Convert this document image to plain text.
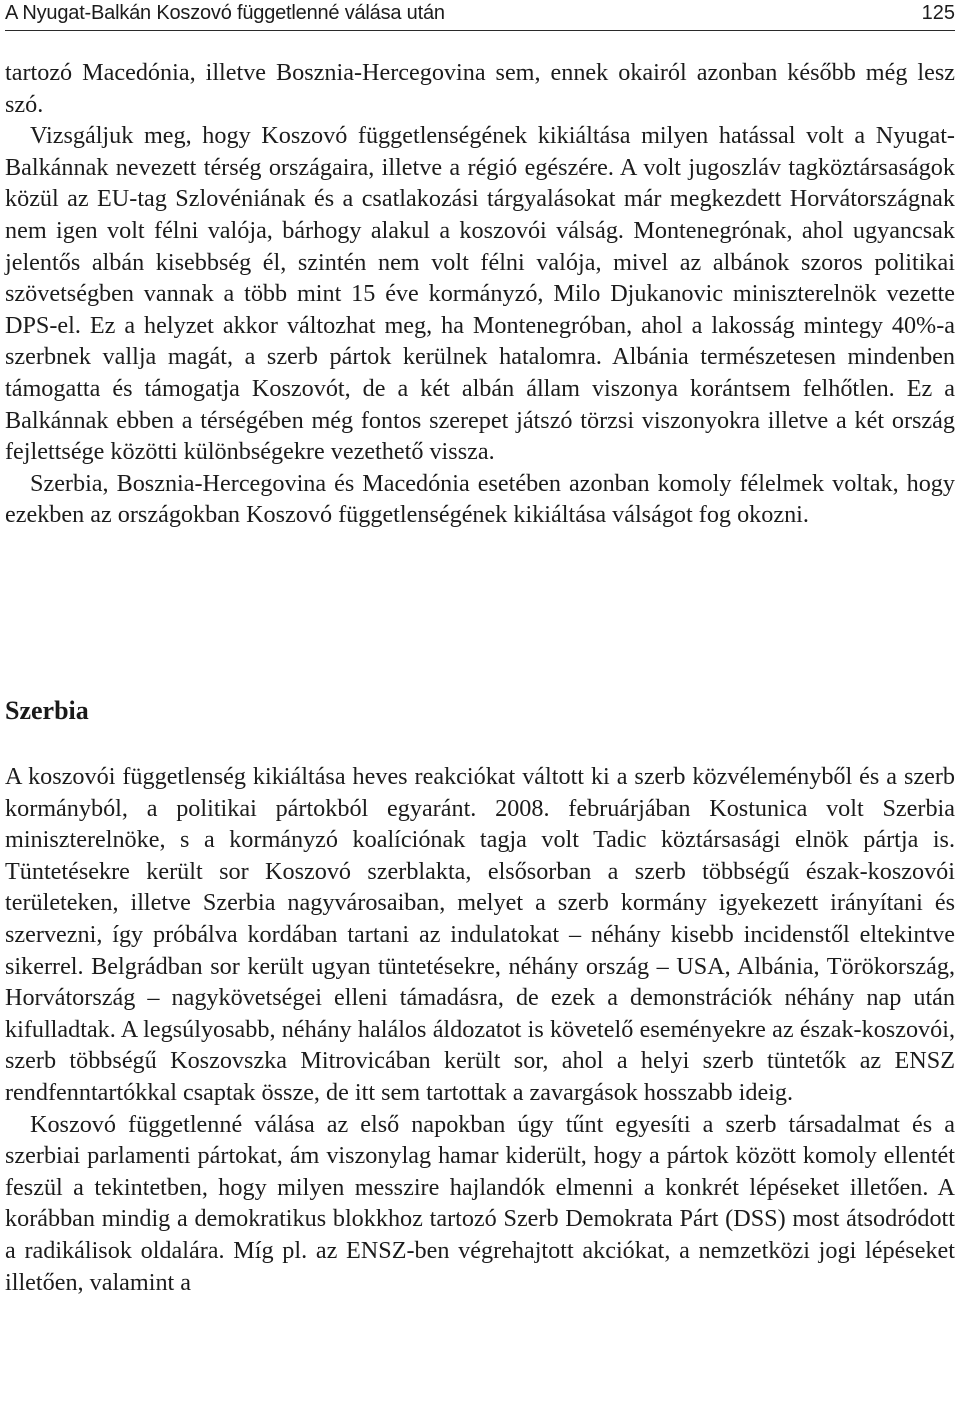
A Nyugat-Balkán Koszovó függetlenné válása után	125

tartozó Macedónia, illetve Bosznia-Hercegovina sem, ennek okairól azonban később még lesz szó.

Vizsgáljuk meg, hogy Koszovó függetlenségének kikiáltása milyen hatással volt a Nyugat-Balkánnak nevezett térség országaira, illetve a régió egészére. A volt jugoszláv tagköztársaságok közül az EU-tag Szlovéniának és a csatlakozási tárgyalásokat már megkezdett Horvátországnak nem igen volt félni valója, bárhogy alakul a koszovói válság. Montenegrónak, ahol ugyancsak jelentős albán kisebbség él, szintén nem volt félni valója, mivel az albánok szoros politikai szövetségben vannak a több mint 15 éve kormányzó, Milo Djukanovic miniszterelnök vezette DPS-el. Ez a helyzet akkor változhat meg, ha Montenegróban, ahol a lakosság mintegy 40%-a szerbnek vallja magát, a szerb pártok kerülnek hatalomra. Albánia természetesen mindenben támogatta és támogatja Koszovót, de a két albán állam viszonya korántsem felhőtlen. Ez a Balkánnak ebben a térségében még fontos szerepet játszó törzsi viszonyokra illetve a két ország fejlettsége közötti különbségekre vezethető vissza.

Szerbia, Bosznia-Hercegovina és Macedónia esetében azonban komoly félelmek voltak, hogy ezekben az országokban Koszovó függetlenségének kikiáltása válságot fog okozni.

Szerbia

A koszovói függetlenség kikiáltása heves reakciókat váltott ki a szerb közvéleményből és a szerb kormányból, a politikai pártokból egyaránt. 2008. februárjában Kostunica volt Szerbia miniszterelnöke, s a kormányzó koalíciónak tagja volt Tadic köztársasági elnök pártja is. Tüntetésekre került sor Koszovó szerblakta, elsősorban a szerb többségű észak-koszovói területeken, illetve Szerbia nagyvárosaiban, melyet a szerb kormány igyekezett irányítani és szervezni, így próbálva kordában tartani az indulatokat – néhány kisebb incidenstől eltekintve sikerrel. Belgrádban sor került ugyan tüntetésekre, néhány ország – USA, Albánia, Törökország, Horvátország – nagykövetségei elleni támadásra, de ezek a demonstrációk néhány nap után kifulladtak. A legsúlyosabb, néhány halálos áldozatot is követelő eseményekre az észak-koszovói, szerb többségű Koszovszka Mitrovicában került sor, ahol a helyi szerb tüntetők az ENSZ rendfenntartókkal csaptak össze, de itt sem tartottak a zavargások hosszabb ideig.

Koszovó függetlenné válása az első napokban úgy tűnt egyesíti a szerb társadalmat és a szerbiai parlamenti pártokat, ám viszonylag hamar kiderült, hogy a pártok között komoly ellentét feszül a tekintetben, hogy milyen messzire hajlandók elmenni a konkrét lépéseket illetően. A korábban mindig a demokratikus blokkhoz tartozó Szerb Demokrata Párt (DSS) most átsodródott a radikálisok oldalára. Míg pl. az ENSZ-ben végrehajtott akciókat, a nemzetközi jogi lépéseket illetően, valamint a
